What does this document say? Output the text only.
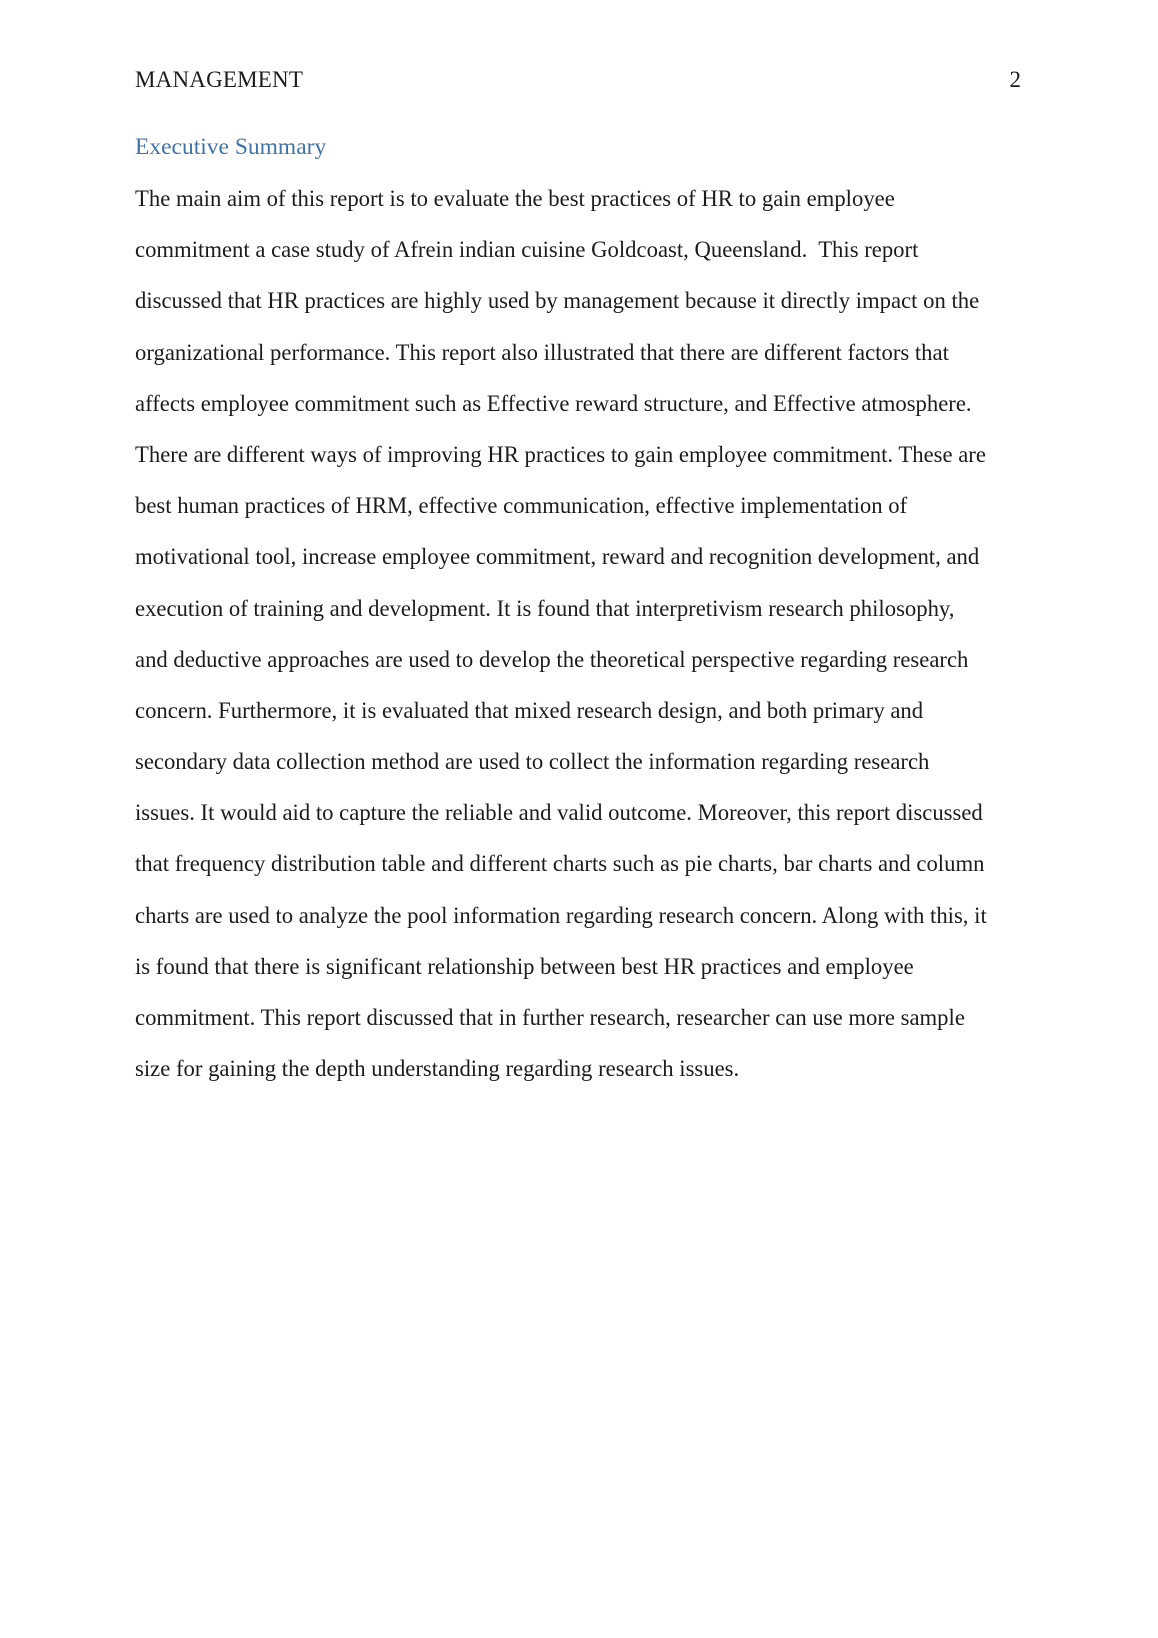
MANAGEMENT	2
Executive Summary
The main aim of this report is to evaluate the best practices of HR to gain employee
commitment a case study of Afrein indian cuisine Goldcoast, Queensland.  This report
discussed that HR practices are highly used by management because it directly impact on the
organizational performance. This report also illustrated that there are different factors that
affects employee commitment such as Effective reward structure, and Effective atmosphere.
There are different ways of improving HR practices to gain employee commitment. These are
best human practices of HRM, effective communication, effective implementation of
motivational tool, increase employee commitment, reward and recognition development, and
execution of training and development. It is found that interpretivism research philosophy,
and deductive approaches are used to develop the theoretical perspective regarding research
concern. Furthermore, it is evaluated that mixed research design, and both primary and
secondary data collection method are used to collect the information regarding research
issues. It would aid to capture the reliable and valid outcome. Moreover, this report discussed
that frequency distribution table and different charts such as pie charts, bar charts and column
charts are used to analyze the pool information regarding research concern. Along with this, it
is found that there is significant relationship between best HR practices and employee
commitment. This report discussed that in further research, researcher can use more sample
size for gaining the depth understanding regarding research issues.
